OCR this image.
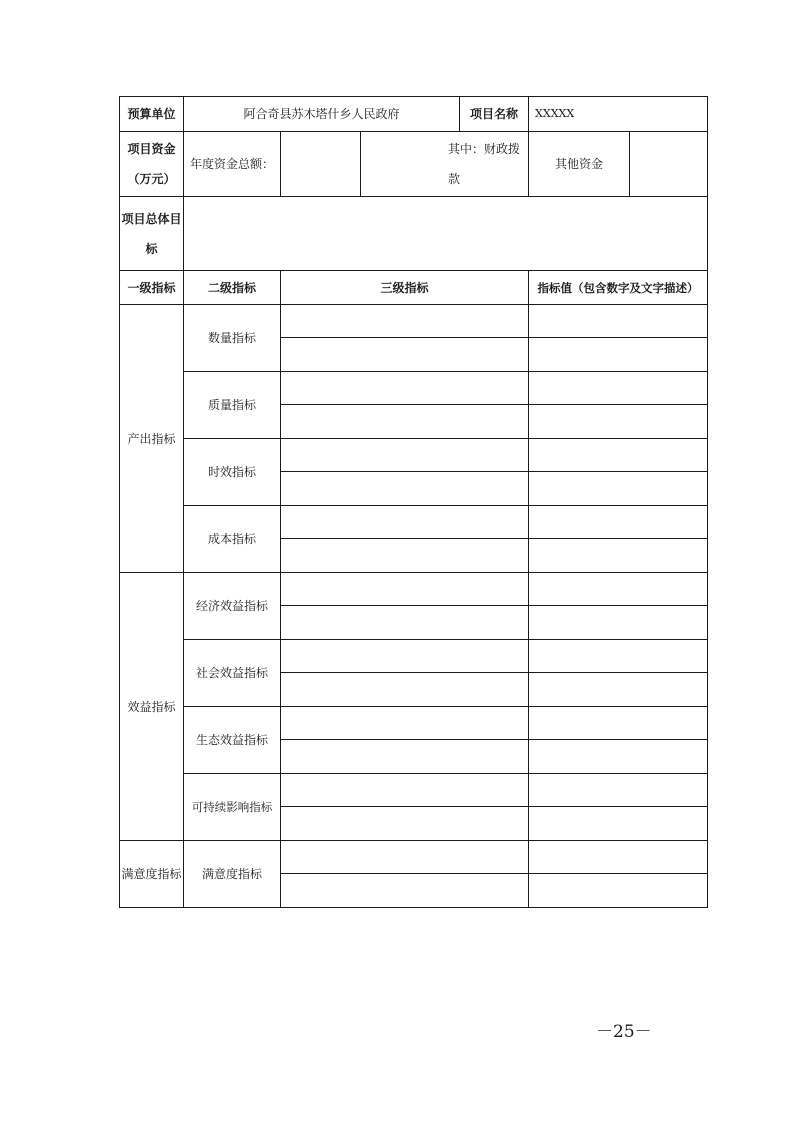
预算单位	阿合奇县苏木塔什乡人民政府			项目名称	XXXXX	

项目资金
（万元）	年度资金总额：		其中：财政拨款		其他资金	

项目总体目
标						

一级指标	二级指标	三级指标			指标值（包含数字及文字描述）	
产出指标	数量指标					

	质量指标					

	时效指标					

	成本指标					

效益指标	经济效益指标					

	社会效益指标					

	生态效益指标					

	可持续影响指标					

满意度指标	满意度指标					

－25－
